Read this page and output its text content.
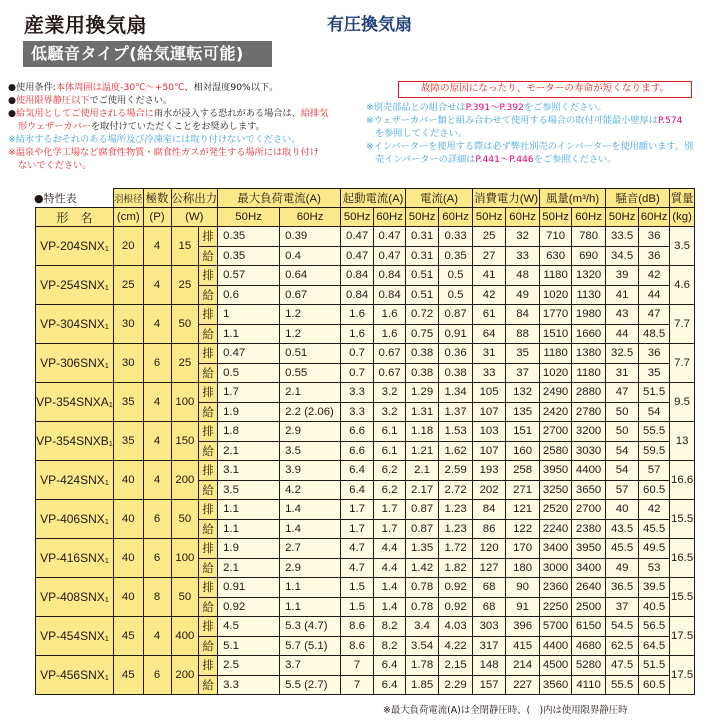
産業用換気扇	有圧換気扇
低騒音タイプ(給気運転可能)

●使用条件:本体周囲は温度-30℃〜+50℃、相対湿度90%以下。

●使用限界静圧以下でご使用ください。

●給気用としてご使用される場合に雨水が浸入する恐れがある場合は、給排気

形ウェザーカバーを取付けていただくことをお奨めします。

※結氷するおそれのある場所及び冷凍室には取り付けないでください。

※温泉や化学工場など腐食性物質・腐食性ガスが発生する場所には取り付け

ないでください。

故障の原因になったり、モーターの寿命が短くなります。

※別売部品との組合せはP.391〜P.392をご参照ください。

※ウェザーカバー類と組み合わせて使用する場合の取付可能最小壁厚はP.574

を参照してください。

※インバーターを使用する際は必ず弊社別売のインバーターを使用願います。別

売インバーターの詳細はP.441〜P.446をご参照ください。

●特性表
		羽根径	極数	公称出力		最大負荷電流(A)		起動電流(A)		電流(A)		消費電力(W)		風量(m³/h)		騒音(dB)		質量
形　名	(cm)	(P)	(W)		50Hz	60Hz	50Hz	60Hz	50Hz	60Hz	50Hz	60Hz	50Hz	60Hz	50Hz	60Hz	(kg)
VP-204SNX1	20	4	15	排	0.35	0.39	0.47	0.47	0.31	0.33	25	32	710	780	33.5	36	3.5
				給	0.35	0.4	0.47	0.47	0.31	0.35	27	33	630	690	34.5	36	
VP-254SNX1	25	4	25	排	0.57	0.64	0.84	0.84	0.51	0.5	41	48	1180	1320	39	42	4.6
				給	0.6	0.67	0.84	0.84	0.51	0.5	42	49	1020	1130	41	44	
VP-304SNX1	30	4	50	排	1	1.2	1.6	1.6	0.72	0.87	61	84	1770	1980	43	47	7.7
				給	1.1	1.2	1.6	1.6	0.75	0.91	64	88	1510	1660	44	48.5	
VP-306SNX1	30	6	25	排	0.47	0.51	0.7	0.67	0.38	0.36	31	35	1180	1380	32.5	36	7.7
				給	0.5	0.55	0.7	0.67	0.38	0.38	33	37	1020	1180	31	35	
VP-354SNXA1	35	4	100	排	1.7	2.1	3.3	3.2	1.29	1.34	105	132	2490	2880	47	51.5	9.5
				給	1.9	2.2 (2.06)	3.3	3.2	1.31	1.37	107	135	2420	2780	50	54	
VP-354SNXB1	35	4	150	排	1.8	2.9	6.6	6.1	1.18	1.53	103	151	2700	3200	50	55.5	13
				給	2.1	3.5	6.6	6.1	1.21	1.62	107	160	2580	3030	54	59.5	
VP-424SNX1	40	4	200	排	3.1	3.9	6.4	6.2	2.1	2.59	193	258	3950	4400	54	57	16.6
				給	3.5	4.2	6.4	6.2	2.17	2.72	202	271	3250	3650	57	60.5	
VP-406SNX1	40	6	50	排	1.1	1.4	1.7	1.7	0.87	1.23	84	121	2520	2700	40	42	15.5
				給	1.1	1.4	1.7	1.7	0.87	1.23	86	122	2240	2380	43.5	45.5	
VP-416SNX1	40	6	100	排	1.9	2.7	4.7	4.4	1.35	1.72	120	170	3400	3950	45.5	49.5	16.5
				給	2.1	2.9	4.7	4.4	1.42	1.82	127	180	3000	3400	49	53	
VP-408SNX1	40	8	50	排	0.91	1.1	1.5	1.4	0.78	0.92	68	90	2360	2640	36.5	39.5	15.5
				給	0.92	1.1	1.5	1.4	0.78	0.92	68	91	2250	2500	37	40.5	
VP-454SNX1	45	4	400	排	4.5	5.3 (4.7)	8.6	8.2	3.4	4.03	303	396	5700	6150	54.5	56.5	17.5
				給	5.1	5.7 (5.1)	8.6	8.2	3.54	4.22	317	415	4400	4680	62.5	64.5	
VP-456SNX1	45	6	200	排	2.5	3.7	7	6.4	1.78	2.15	148	214	4500	5280	47.5	51.5	17.5
				給	3.3	5.5 (2.7)	7	6.4	1.85	2.29	157	227	3560	4110	55.5	60.5	
※最大負荷電流(A)は全閉静圧時、(　)内は使用限界静圧時
